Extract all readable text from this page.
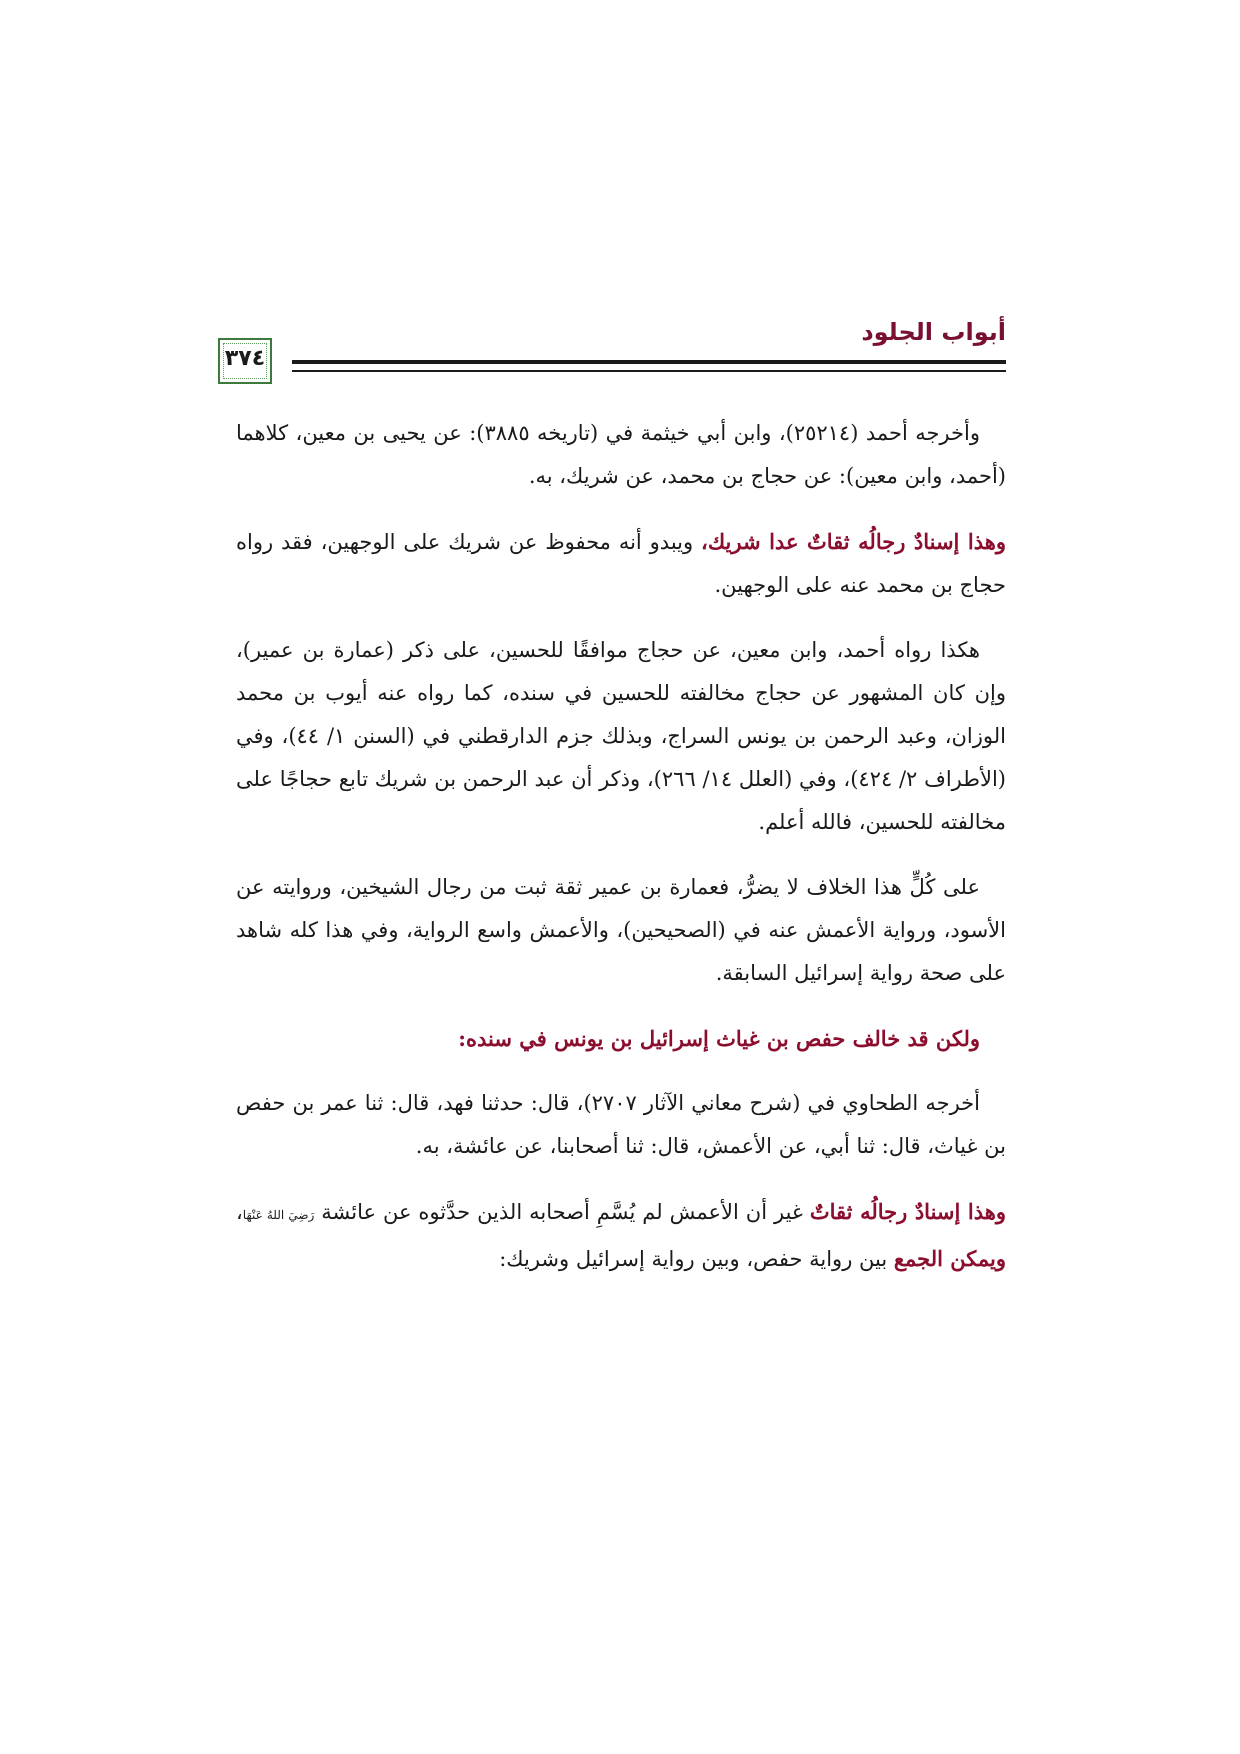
أبواب الجلود
٣٧٤

وأخرجه أحمد (٢٥٢١٤)، وابن أبي خيثمة في (تاريخه ٣٨٨٥): عن يحيى بن معين، كلاهما (أحمد، وابن معين): عن حجاج بن محمد، عن شريك، به.

وهذا إسنادٌ رجالُه ثقاتٌ عدا شريك، ويبدو أنه محفوظ عن شريك على الوجهين، فقد رواه حجاج بن محمد عنه على الوجهين.

هكذا رواه أحمد، وابن معين، عن حجاج موافقًا للحسين، على ذكر (عمارة بن عمير)، وإن كان المشهور عن حجاج مخالفته للحسين في سنده، كما رواه عنه أيوب بن محمد الوزان، وعبد الرحمن بن يونس السراج، وبذلك جزم الدارقطني في (السنن ١/ ٤٤)، وفي (الأطراف ٢/ ٤٢٤)، وفي (العلل ١٤/ ٢٦٦)، وذكر أن عبد الرحمن بن شريك تابع حجاجًا على مخالفته للحسين، فالله أعلم.

على كُلٍّ هذا الخلاف لا يضرُّ، فعمارة بن عمير ثقة ثبت من رجال الشيخين، وروايته عن الأسود، ورواية الأعمش عنه في (الصحيحين)، والأعمش واسع الرواية، وفي هذا كله شاهد على صحة رواية إسرائيل السابقة.

ولكن قد خالف حفص بن غياث إسرائيل بن يونس في سنده:

أخرجه الطحاوي في (شرح معاني الآثار ٢٧٠٧)، قال: حدثنا فهد، قال: ثنا عمر بن حفص بن غياث، قال: ثنا أبي، عن الأعمش، قال: ثنا أصحابنا، عن عائشة، به.

وهذا إسنادٌ رجالُه ثقاتٌ غير أن الأعمش لم يُسَّمِ أصحابه الذين حدَّثوه عن عائشة رَضِيَ اللهُ عَنْهَا، ويمكن الجمع بين رواية حفص، وبين رواية إسرائيل وشريك:
